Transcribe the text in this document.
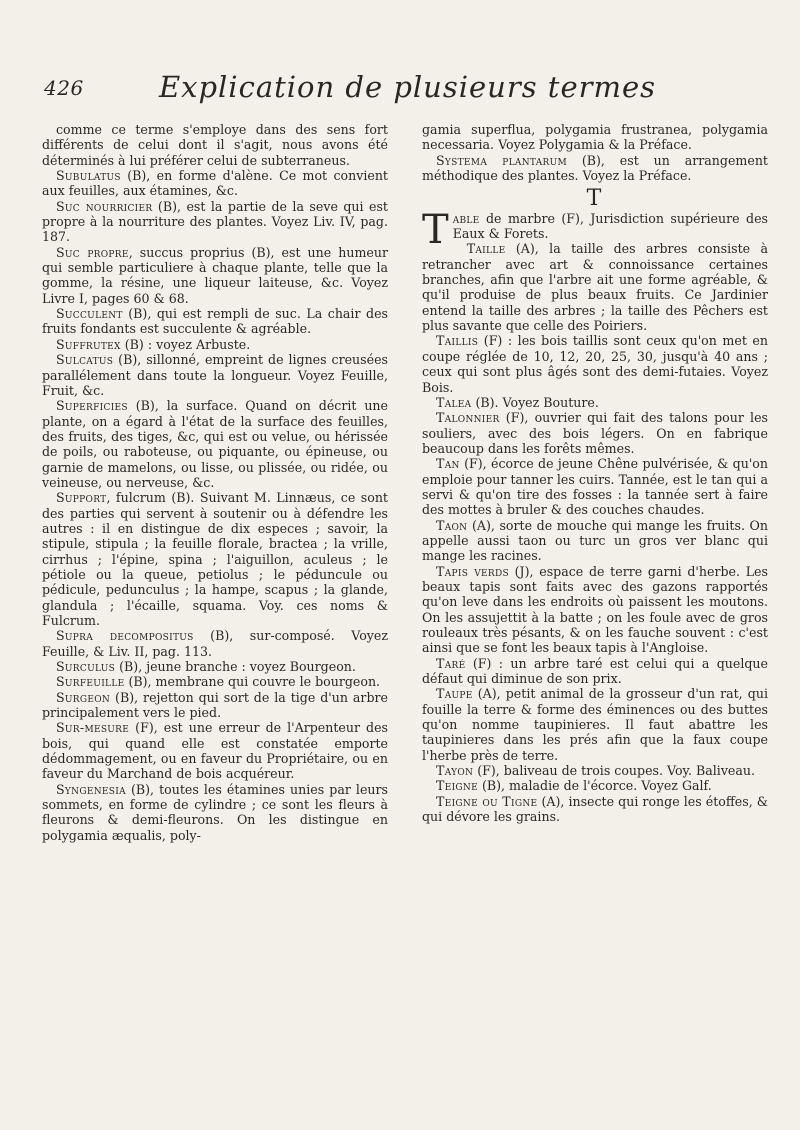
426	Explication de plusieurs termes

comme ce terme s'employe dans des sens fort différents de celui dont il s'agit, nous avons été déterminés à lui préférer celui de subterraneus.

Subulatus (B), en forme d'alène. Ce mot convient aux feuilles, aux étamines, &c.

Suc nourricier (B), est la partie de la seve qui est propre à la nourriture des plantes. Voyez Liv. IV, pag. 187.

Suc propre, succus proprius (B), est une humeur qui semble particuliere à chaque plante, telle que la gomme, la résine, une liqueur laiteuse, &c. Voyez Livre I, pages 60 & 68.

Succulent (B), qui est rempli de suc. La chair des fruits fondants est succulente & agréable.

Suffrutex (B) : voyez Arbuste.

Sulcatus (B), sillonné, empreint de lignes creusées parallélement dans toute la longueur. Voyez Feuille, Fruit, &c.

Superficies (B), la surface. Quand on décrit une plante, on a égard à l'état de la surface des feuilles, des fruits, des tiges, &c, qui est ou velue, ou hérissée de poils, ou raboteuse, ou piquante, ou épineuse, ou garnie de mamelons, ou lisse, ou plissée, ou ridée, ou veineuse, ou nerveuse, &c.

Support, fulcrum (B). Suivant M. Linnæus, ce sont des parties qui servent à soutenir ou à défendre les autres : il en distingue de dix especes ; savoir, la stipule, stipula ; la feuille florale, bractea ; la vrille, cirrhus ; l'épine, spina ; l'aiguillon, aculeus ; le pétiole ou la queue, petiolus ; le péduncule ou pédicule, pedunculus ; la hampe, scapus ; la glande, glandula ; l'écaille, squama. Voy. ces noms & Fulcrum.

Supra decompositus (B), sur-composé. Voyez Feuille, & Liv. II, pag. 113.

Surculus (B), jeune branche : voyez Bourgeon.

Surfeuille (B), membrane qui couvre le bourgeon.

Surgeon (B), rejetton qui sort de la tige d'un arbre principalement vers le pied.

Sur-mesure (F), est une erreur de l'Arpenteur des bois, qui quand elle est constatée emporte dédommagement, ou en faveur du Propriétaire, ou en faveur du Marchand de bois acquéreur.

Syngenesia (B), toutes les étamines unies par leurs sommets, en forme de cylindre ; ce sont les fleurs à fleurons & demi-fleurons. On les distingue en polygamia æqualis, poly-

gamia superflua, polygamia frustranea, polygamia necessaria. Voyez Polygamia & la Préface.

Systema plantarum (B), est un arrangement méthodique des plantes. Voyez la Préface.

T

Table de marbre (F), Jurisdiction supérieure des Eaux & Forets.

Taille (A), la taille des arbres consiste à retrancher avec art & connoissance certaines branches, afin que l'arbre ait une forme agréable, & qu'il produise de plus beaux fruits. Ce Jardinier entend la taille des arbres ; la taille des Pêchers est plus savante que celle des Poiriers.

Taillis (F) : les bois taillis sont ceux qu'on met en coupe réglée de 10, 12, 20, 25, 30, jusqu'à 40 ans ; ceux qui sont plus âgés sont des demi-futaies. Voyez Bois.

Talea (B). Voyez Bouture.

Talonnier (F), ouvrier qui fait des talons pour les souliers, avec des bois légers. On en fabrique beaucoup dans les forêts mêmes.

Tan (F), écorce de jeune Chêne pulvérisée, & qu'on emploie pour tanner les cuirs. Tannée, est le tan qui a servi & qu'on tire des fosses : la tannée sert à faire des mottes à bruler & des couches chaudes.

Taon (A), sorte de mouche qui mange les fruits. On appelle aussi taon ou turc un gros ver blanc qui mange les racines.

Tapis verds (J), espace de terre garni d'herbe. Les beaux tapis sont faits avec des gazons rapportés qu'on leve dans les endroits où paissent les moutons. On les assujettit à la batte ; on les foule avec de gros rouleaux très pésants, & on les fauche souvent : c'est ainsi que se font les beaux tapis à l'Angloise.

Taré (F) : un arbre taré est celui qui a quelque défaut qui diminue de son prix.

Taupe (A), petit animal de la grosseur d'un rat, qui fouille la terre & forme des éminences ou des buttes qu'on nomme taupinieres. Il faut abattre les taupinieres dans les prés afin que la faux coupe l'herbe près de terre.

Tayon (F), baliveau de trois coupes. Voy. Baliveau.

Teigne (B), maladie de l'écorce. Voyez Galf.

Teigne ou Tigne (A), insecte qui ronge les étoffes, & qui dévore les grains.
